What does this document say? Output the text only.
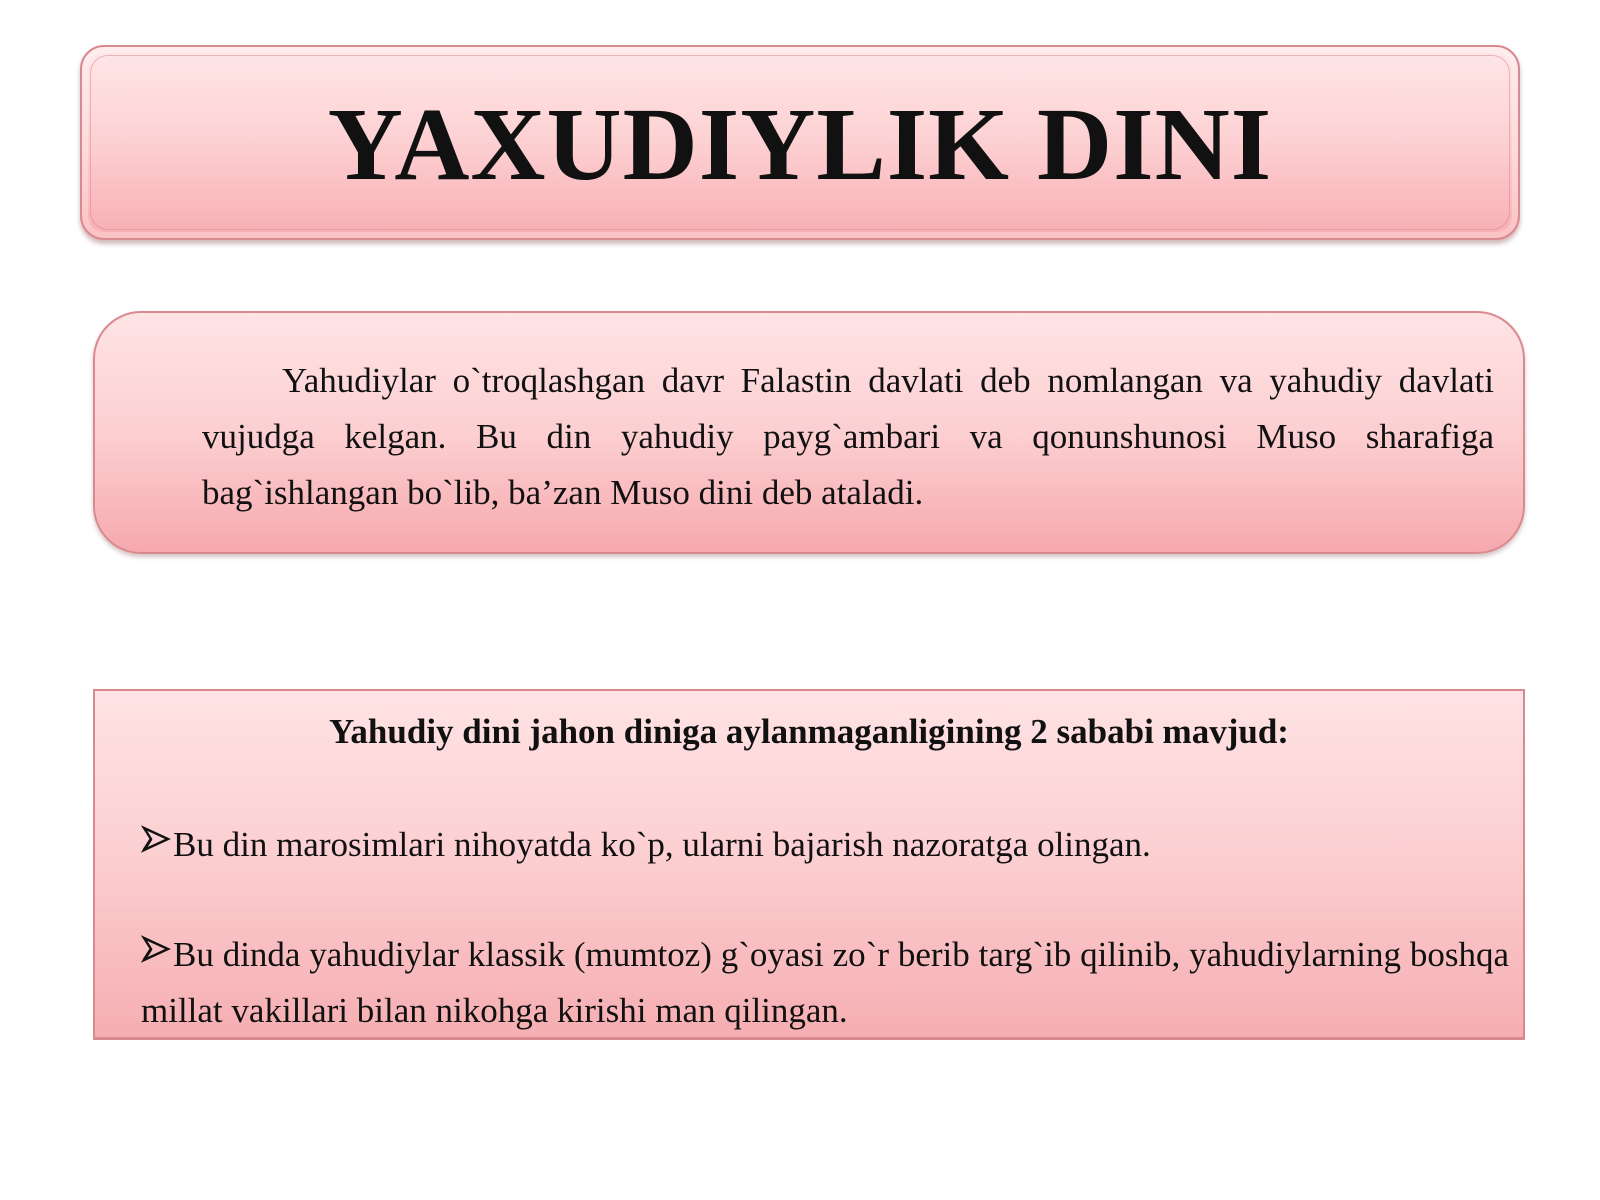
YAXUDIYLIK DINI

Yahudiylar o`troqlashgan davr Falastin davlati deb nomlangan va yahudiy davlati vujudga kelgan. Bu din yahudiy payg`ambari va qonunshunosi Muso sharafiga bag`ishlangan bo`lib, ba’zan Muso dini deb ataladi.

Yahudiy dini jahon diniga aylanmaganligining 2 sababi mavjud:

Bu din marosimlari nihoyatda ko`p, ularni bajarish nazoratga olingan.

Bu dinda yahudiylar klassik (mumtoz) g`oyasi zo`r berib targ`ib qilinib, yahudiylarning boshqa millat vakillari bilan nikohga kirishi man qilingan.
